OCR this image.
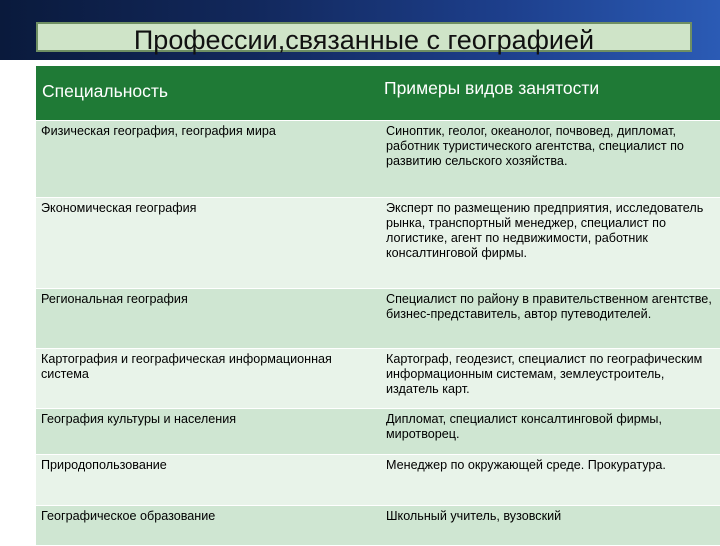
Профессии,связанные с географией
Специальность	Примеры видов занятости
Физическая география, география мира	Синоптик, геолог, океанолог, почвовед, дипломат, работник туристического агентства, специалист по развитию сельского хозяйства.
Экономическая география	Эксперт по размещению предприятия, исследователь рынка, транспортный менеджер, специалист по логистике, агент по недвижимости, работник консалтинговой фирмы.
Региональная география	Специалист по району в правительственном агентстве, бизнес-представитель, автор путеводителей.
Картография и географическая информационная система	Картограф, геодезист, специалист по географическим информационным системам, землеустроитель, издатель карт.
География культуры и населения	Дипломат, специалист консалтинговой фирмы, миротворец.
Природопользование	Менеджер по окружающей среде. Прокуратура.
Географическое образование	Школьный учитель, вузовский
